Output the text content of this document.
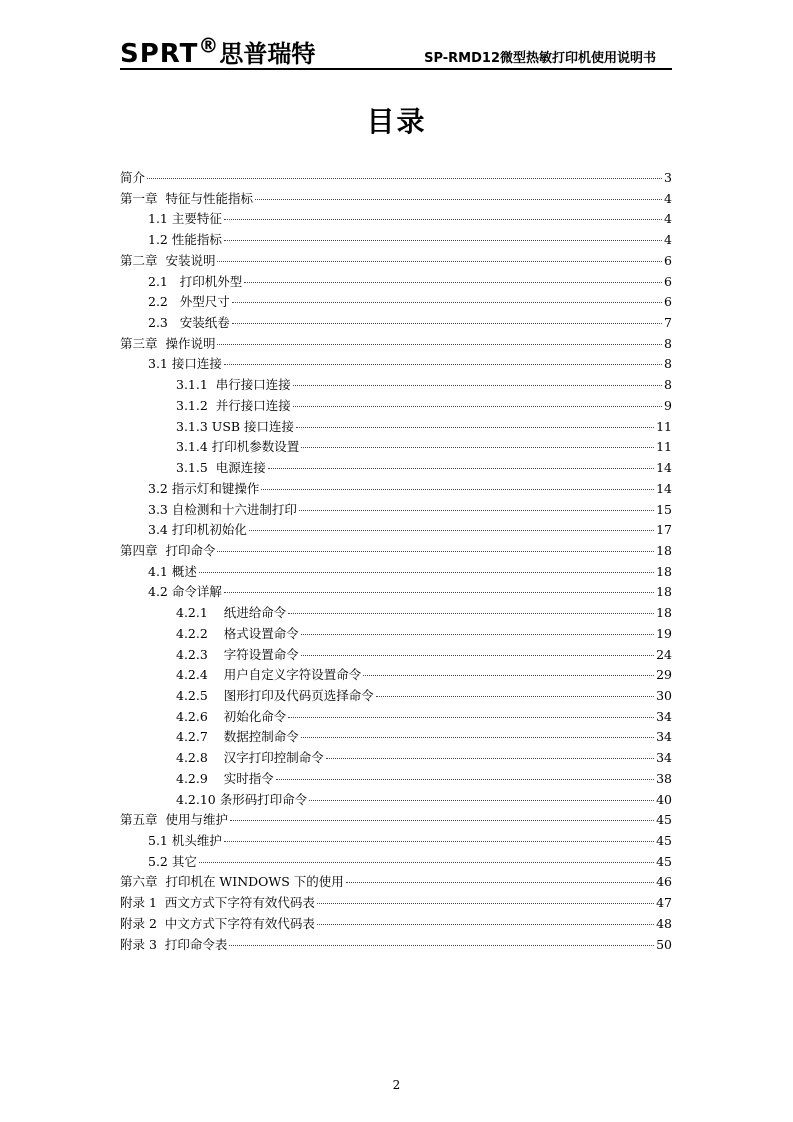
SPRT®思普瑞特	SP-RMD12微型热敏打印机使用说明书
目录
简介	3
第一章  特征与性能指标	4
1.1 主要特征	4
1.2 性能指标	4
第二章  安装说明	6
2.1   打印机外型	6
2.2   外型尺寸	6
2.3   安装纸卷	7
第三章  操作说明	8
3.1 接口连接	8
3.1.1  串行接口连接	8
3.1.2  并行接口连接	9
3.1.3 USB 接口连接	11
3.1.4 打印机参数设置	11
3.1.5  电源连接	14
3.2 指示灯和键操作	14
3.3 自检测和十六进制打印	15
3.4 打印机初始化	17
第四章  打印命令	18
4.1 概述	18
4.2 命令详解	18
4.2.1    纸进给命令	18
4.2.2    格式设置命令	19
4.2.3    字符设置命令	24
4.2.4    用户自定义字符设置命令	29
4.2.5    图形打印及代码页选择命令	30
4.2.6    初始化命令	34
4.2.7    数据控制命令	34
4.2.8    汉字打印控制命令	34
4.2.9    实时指令	38
4.2.10 条形码打印命令	40
第五章  使用与维护	45
5.1 机头维护	45
5.2 其它	45
第六章  打印机在 WINDOWS 下的使用	46
附录 1  西文方式下字符有效代码表	47
附录 2  中文方式下字符有效代码表	48
附录 3  打印命令表	50
2
